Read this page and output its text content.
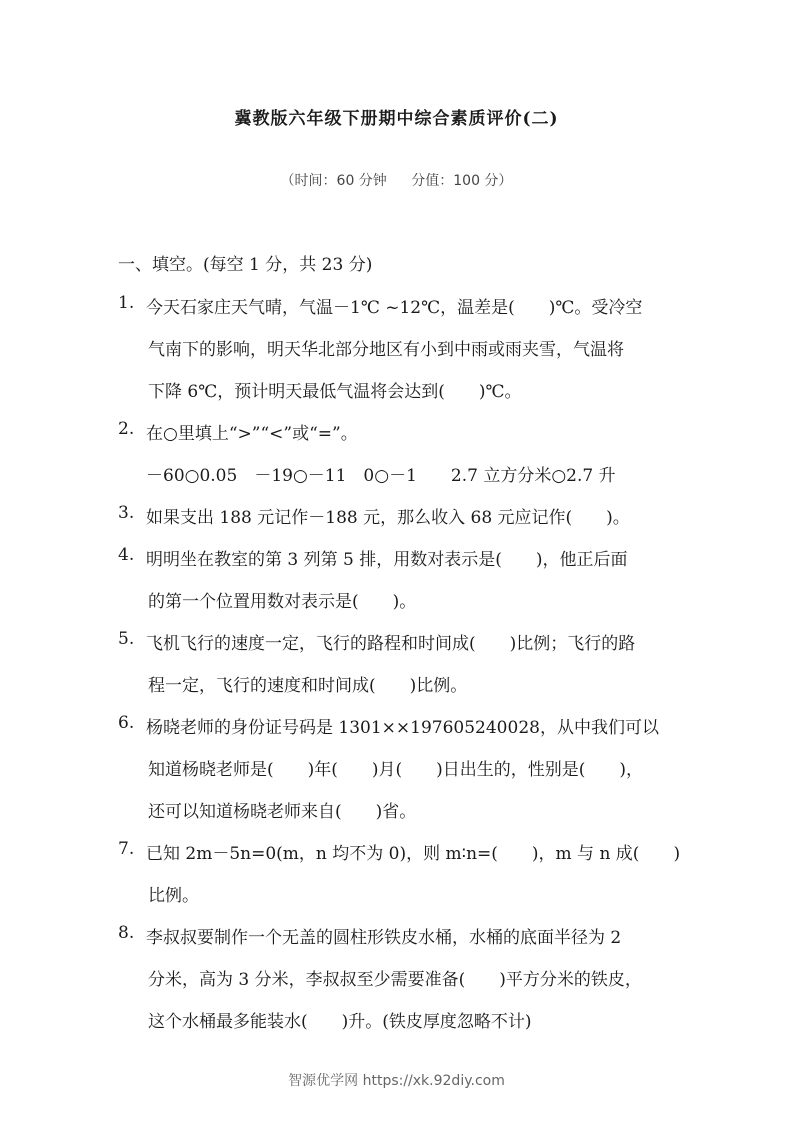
冀教版六年级下册期中综合素质评价(二)
（时间：60 分钟 分值：100 分）
一、填空。(每空 1 分，共 23 分)
1. 今天石家庄天气晴，气温－1℃ ~12℃，温差是(　　)℃。受冷空
气南下的影响，明天华北部分地区有小到中雨或雨夹雪，气温将
下降 6℃，预计明天最低气温将会达到(　　)℃。
2. 在○里填上“>”“<”或“=”。
－60○0.05　－19○－11　0○－1　　2.7 立方分米○2.7 升
3. 如果支出 188 元记作－188 元，那么收入 68 元应记作(　　)。
4. 明明坐在教室的第 3 列第 5 排，用数对表示是(　　)，他正后面
的第一个位置用数对表示是(　　)。
5. 飞机飞行的速度一定，飞行的路程和时间成(　　)比例；飞行的路
程一定，飞行的速度和时间成(　　)比例。
6. 杨晓老师的身份证号码是 1301××197605240028，从中我们可以
知道杨晓老师是(　　)年(　　)月(　　)日出生的，性别是(　　)，
还可以知道杨晓老师来自(　　)省。
7. 已知 2m－5n=0(m，n 均不为 0)，则 m∶n=(　　)，m 与 n 成(　　)
比例。
8. 李叔叔要制作一个无盖的圆柱形铁皮水桶，水桶的底面半径为 2
分米，高为 3 分米，李叔叔至少需要准备(　　)平方分米的铁皮，
这个水桶最多能装水(　　)升。(铁皮厚度忽略不计)
智源优学网 https://xk.92diy.com
